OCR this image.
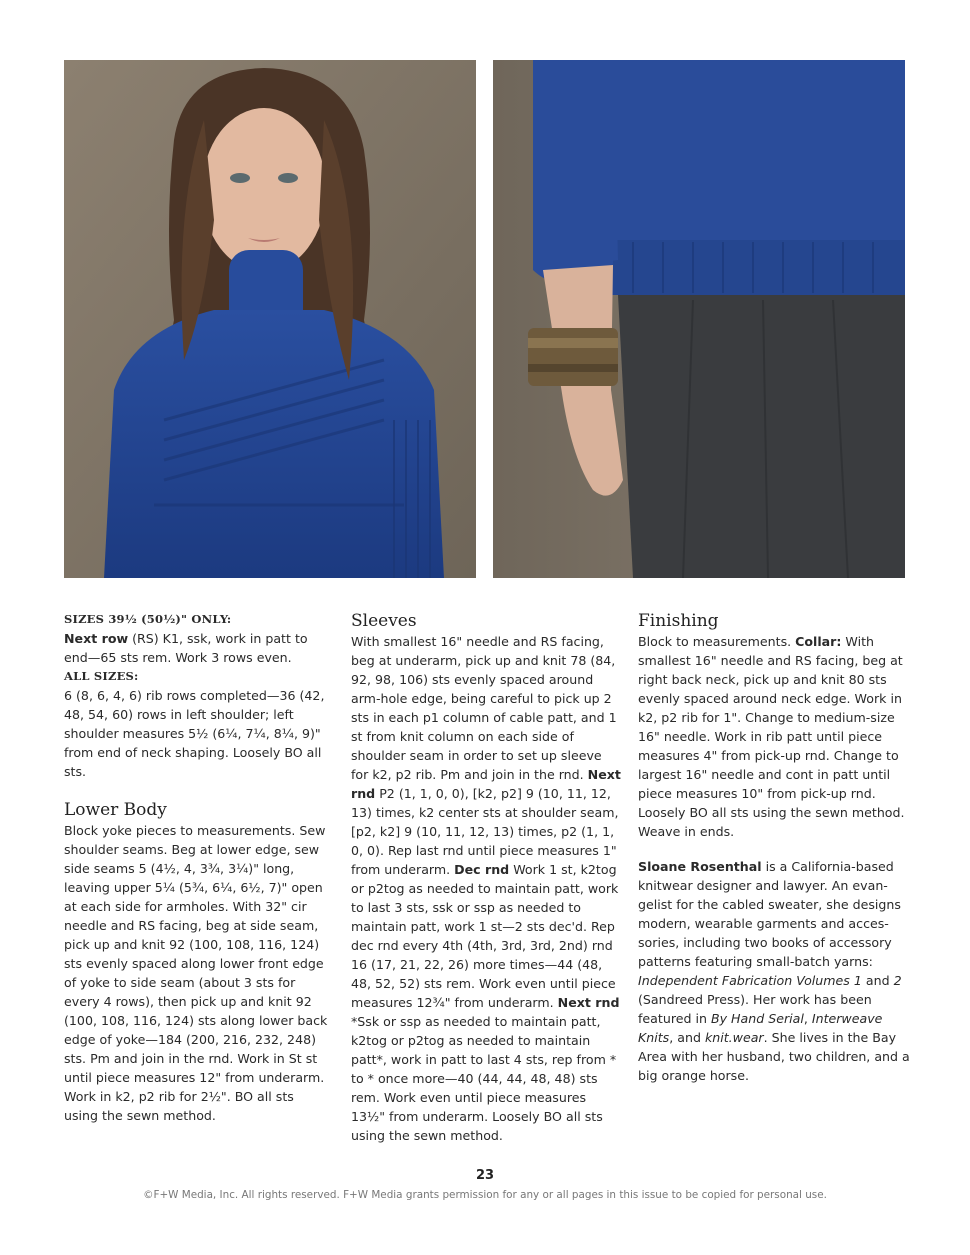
SIZES 39½ (50½)" ONLY:

Next row (RS) K1, ssk, work in patt to end—65 sts rem. Work 3 rows even.

ALL SIZES:

6 (8, 6, 4, 6) rib rows completed—36 (42, 48, 54, 60) rows in left shoulder; left shoulder measures 5½ (6¼, 7¼, 8¼, 9)" from end of neck shaping. Loosely BO all sts.

Lower Body

Block yoke pieces to measurements. Sew shoulder seams. Beg at lower edge, sew side seams 5 (4½, 4, 3¾, 3¼)" long, leaving upper 5¼ (5¾, 6¼, 6½, 7)" open at each side for armholes. With 32" cir needle and RS facing, beg at side seam, pick up and knit 92 (100, 108, 116, 124) sts evenly spaced along lower front edge of yoke to side seam (about 3 sts for every 4 rows), then pick up and knit 92 (100, 108, 116, 124) sts along lower back edge of yoke—184 (200, 216, 232, 248) sts. Pm and join in the rnd. Work in St st until piece measures 12" from underarm. Work in k2, p2 rib for 2½". BO all sts using the sewn method.

Sleeves

With smallest 16" needle and RS facing, beg at underarm, pick up and knit 78 (84, 92, 98, 106) sts evenly spaced around arm-hole edge, being careful to pick up 2 sts in each p1 column of cable patt, and 1 st from knit column on each side of shoulder seam in order to set up sleeve for k2, p2 rib. Pm and join in the rnd. Next rnd P2 (1, 1, 0, 0), [k2, p2] 9 (10, 11, 12, 13) times, k2 center sts at shoulder seam, [p2, k2] 9 (10, 11, 12, 13) times, p2 (1, 1, 0, 0). Rep last rnd until piece measures 1" from underarm. Dec rnd Work 1 st, k2tog or p2tog as needed to maintain patt, work to last 3 sts, ssk or ssp as needed to maintain patt, work 1 st—2 sts dec'd. Rep dec rnd every 4th (4th, 3rd, 3rd, 2nd) rnd 16 (17, 21, 22, 26) more times—44 (48, 48, 52, 52) sts rem. Work even until piece measures 12¾" from underarm. Next rnd *Ssk or ssp as needed to maintain patt, k2tog or p2tog as needed to maintain patt*, work in patt to last 4 sts, rep from * to * once more—40 (44, 44, 48, 48) sts rem. Work even until piece measures 13½" from underarm. Loosely BO all sts using the sewn method.

Finishing

Block to measurements. Collar: With smallest 16" needle and RS facing, beg at right back neck, pick up and knit 80 sts evenly spaced around neck edge. Work in k2, p2 rib for 1". Change to medium-size 16" needle. Work in rib patt until piece measures 4" from pick-up rnd. Change to largest 16" needle and cont in patt until piece measures 10" from pick-up rnd. Loosely BO all sts using the sewn method. Weave in ends.

Sloane Rosenthal is a California-based knitwear designer and lawyer. An evan-gelist for the cabled sweater, she designs modern, wearable garments and acces-sories, including two books of accessory patterns featuring small-batch yarns: Independent Fabrication Volumes 1 and 2 (Sandreed Press). Her work has been featured in By Hand Serial, Interweave Knits, and knit.wear. She lives in the Bay Area with her husband, two children, and a big orange horse.

23
©F+W Media, Inc. All rights reserved. F+W Media grants permission for any or all pages in this issue to be copied for personal use.
